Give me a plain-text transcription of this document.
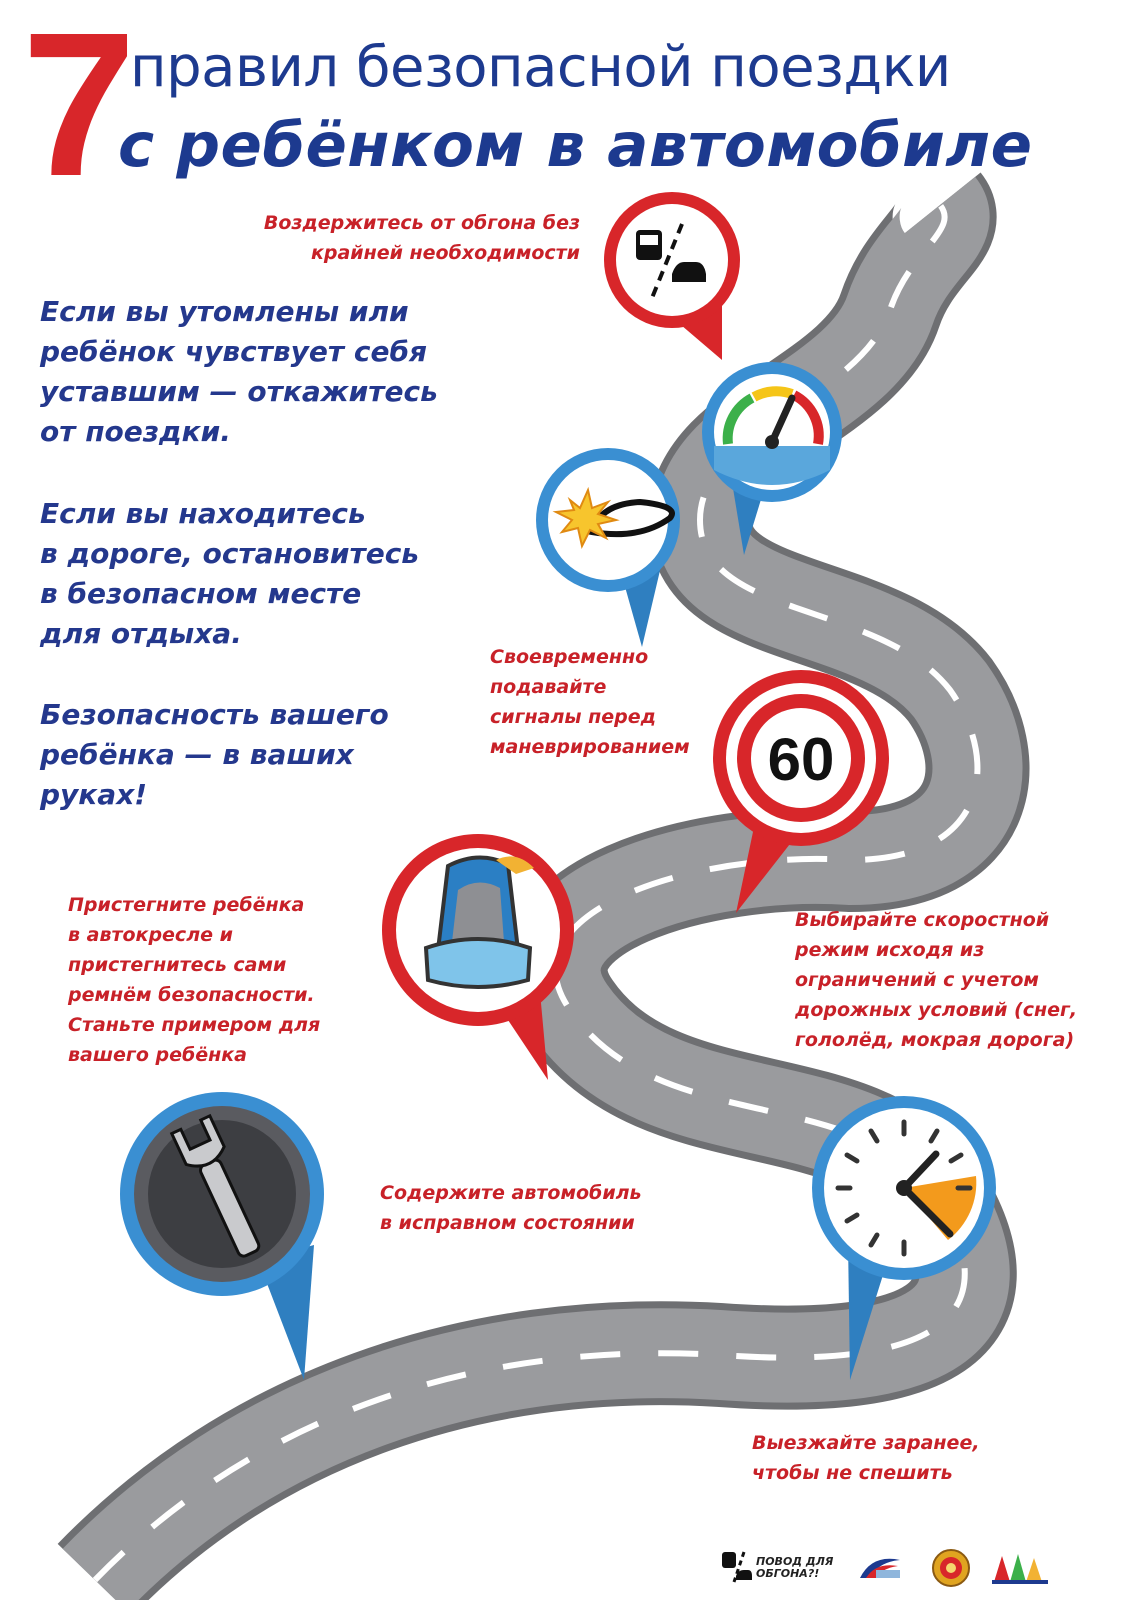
7
правил безопасной поездки
с ребёнком в автомобиле
Если вы утомлены или
ребёнок чувствует себя
уставшим — откажитесь
от поездки.
Если вы находитесь
в дороге, остановитесь
в безопасном месте
для отдыха.
Безопасность вашего
ребёнка — в ваших
руках!
Воздержитесь от обгона без
крайней необходимости
Своевременно
подавайте
сигналы перед
маневрированием
Выбирайте скоростной
режим исходя из
ограничений с учетом
дорожных условий (снег,
гололёд, мокрая дорога)
Пристегните ребёнка
в автокресле и
пристегнитесь сами
ремнём безопасности.
Станьте примером для
вашего ребёнка
Содержите автомобиль
в исправном состоянии
Выезжайте заранее,
чтобы не спешить
60
ПОВОД ДЛЯ
ОБГОНА?!
